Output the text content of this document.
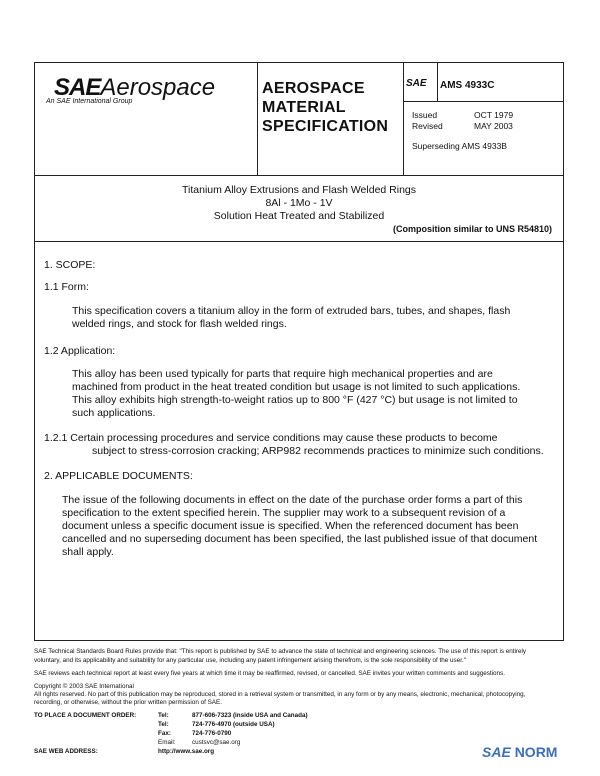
SAEAerospace
An SAE International Group
AEROSPACE
MATERIAL
SPECIFICATION
SAE AMS 4933C
Issued	OCT 1979
Revised	MAY 2003
Superseding AMS 4933B
Titanium Alloy Extrusions and Flash Welded Rings
8Al - 1Mo - 1V
Solution Heat Treated and Stabilized
(Composition similar to UNS R54810)
1. SCOPE:
1.1 Form:
This specification covers a titanium alloy in the form of extruded bars, tubes, and shapes, flash
welded rings, and stock for flash welded rings.
1.2 Application:
This alloy has been used typically for parts that require high mechanical properties and are
machined from product in the heat treated condition but usage is not limited to such applications.
This alloy exhibits high strength-to-weight ratios up to 800 °F (427 °C) but usage is not limited to
such applications.
1.2.1 Certain processing procedures and service conditions may cause these products to become
subject to stress-corrosion cracking; ARP982 recommends practices to minimize such conditions.
2. APPLICABLE DOCUMENTS:
The issue of the following documents in effect on the date of the purchase order forms a part of this
specification to the extent specified herein. The supplier may work to a subsequent revision of a
document unless a specific document issue is specified. When the referenced document has been
cancelled and no superseding document has been specified, the last published issue of that document
shall apply.
SAE Technical Standards Board Rules provide that: "This report is published by SAE to advance the state of technical and engineering sciences. The use of this report is entirely
voluntary, and its applicability and suitability for any particular use, including any patent infringement arising therefrom, is the sole responsibility of the user."
SAE reviews each technical report at least every five years at which time it may be reaffirmed, revised, or cancelled. SAE invites your written comments and suggestions.
Copyright © 2003 SAE International
All rights reserved. No part of this publication may be reproduced, stored in a retrieval system or transmitted, in any form or by any means, electronic, mechanical, photocopying,
recording, or otherwise, without the prior written permission of SAE.
TO PLACE A DOCUMENT ORDER:	Tel:	877-606-7323 (inside USA and Canada)
Tel:	724-776-4970 (outside USA)
Fax:	724-776-0790
Email:	custsvc@sae.org
SAE WEB ADDRESS:	http://www.sae.org	SAE NORM
